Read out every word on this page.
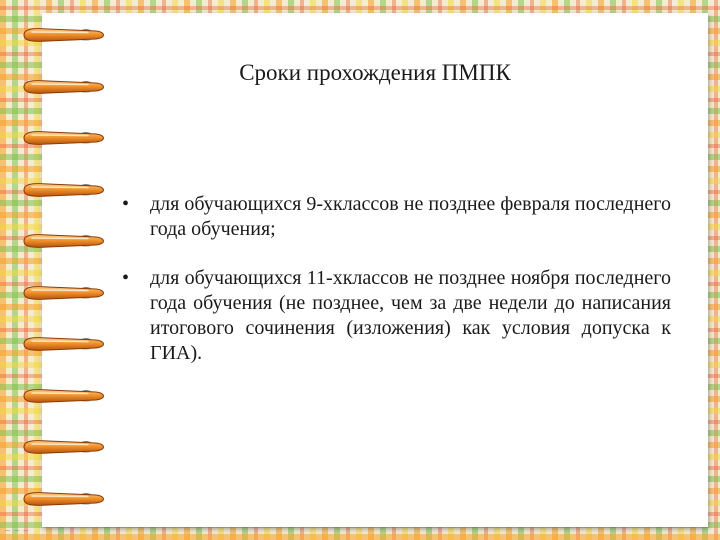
Сроки прохождения ПМПК
• для обучающихся 9-хклассов не позднее февраля последнего года обучения;
• для обучающихся 11-хклассов не позднее ноября последнего года обучения (не позднее, чем за две недели до написания итогового сочинения (изложения) как условия допуска к ГИА).
~ ~ ~
